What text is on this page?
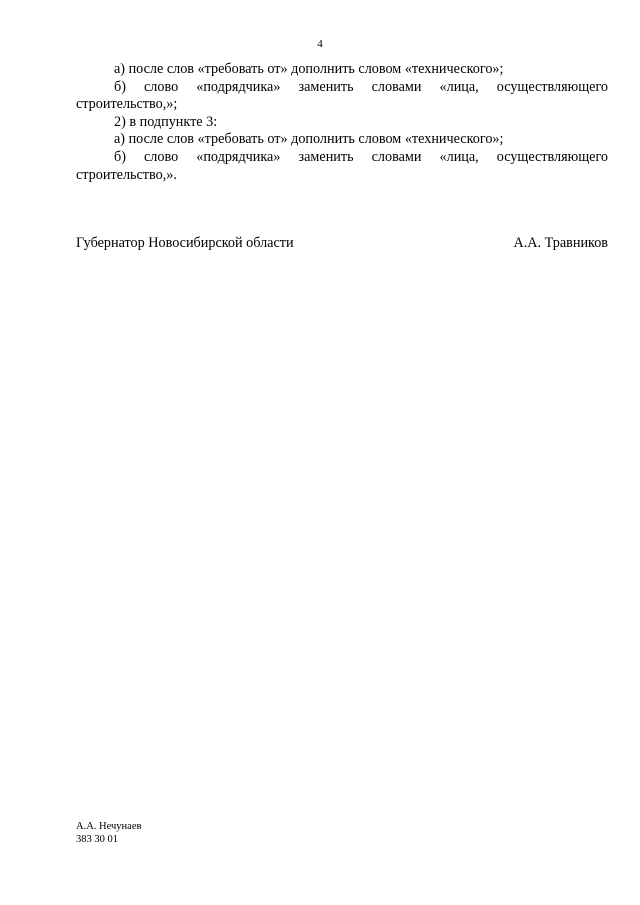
4

а) после слов «требовать от» дополнить словом «технического»;

б) слово «подрядчика» заменить словами «лица, осуществляющего строительство,»;

2) в подпункте 3:

а) после слов «требовать от» дополнить словом «технического»;

б) слово «подрядчика» заменить словами «лица, осуществляющего строительство,».

Губернатор Новосибирской области	А.А. Травников
А.А. Нечунаев
383 30 01
